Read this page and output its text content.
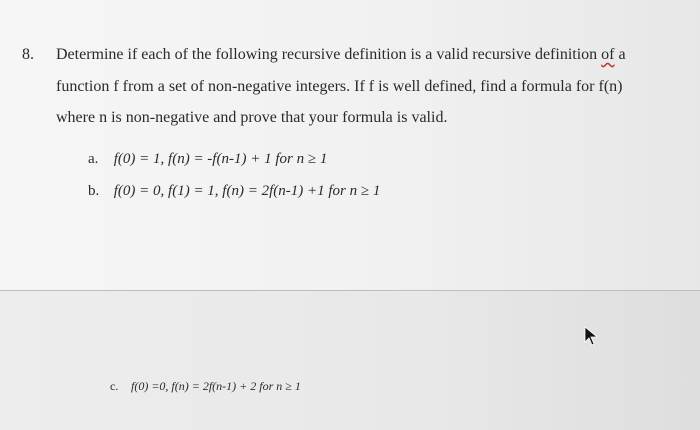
8. Determine if each of the following recursive definition is a valid recursive definition of a
function f from a set of non-negative integers. If f is well defined, find a formula for f(n)
where n is non-negative and prove that your formula is valid.
a. f(0) = 1, f(n) = -f(n-1) + 1 for n ≥ 1
b. f(0) = 0, f(1) = 1, f(n) = 2f(n-1) +1 for n ≥ 1
c. f(0) =0, f(n) = 2f(n-1) + 2 for n ≥ 1
